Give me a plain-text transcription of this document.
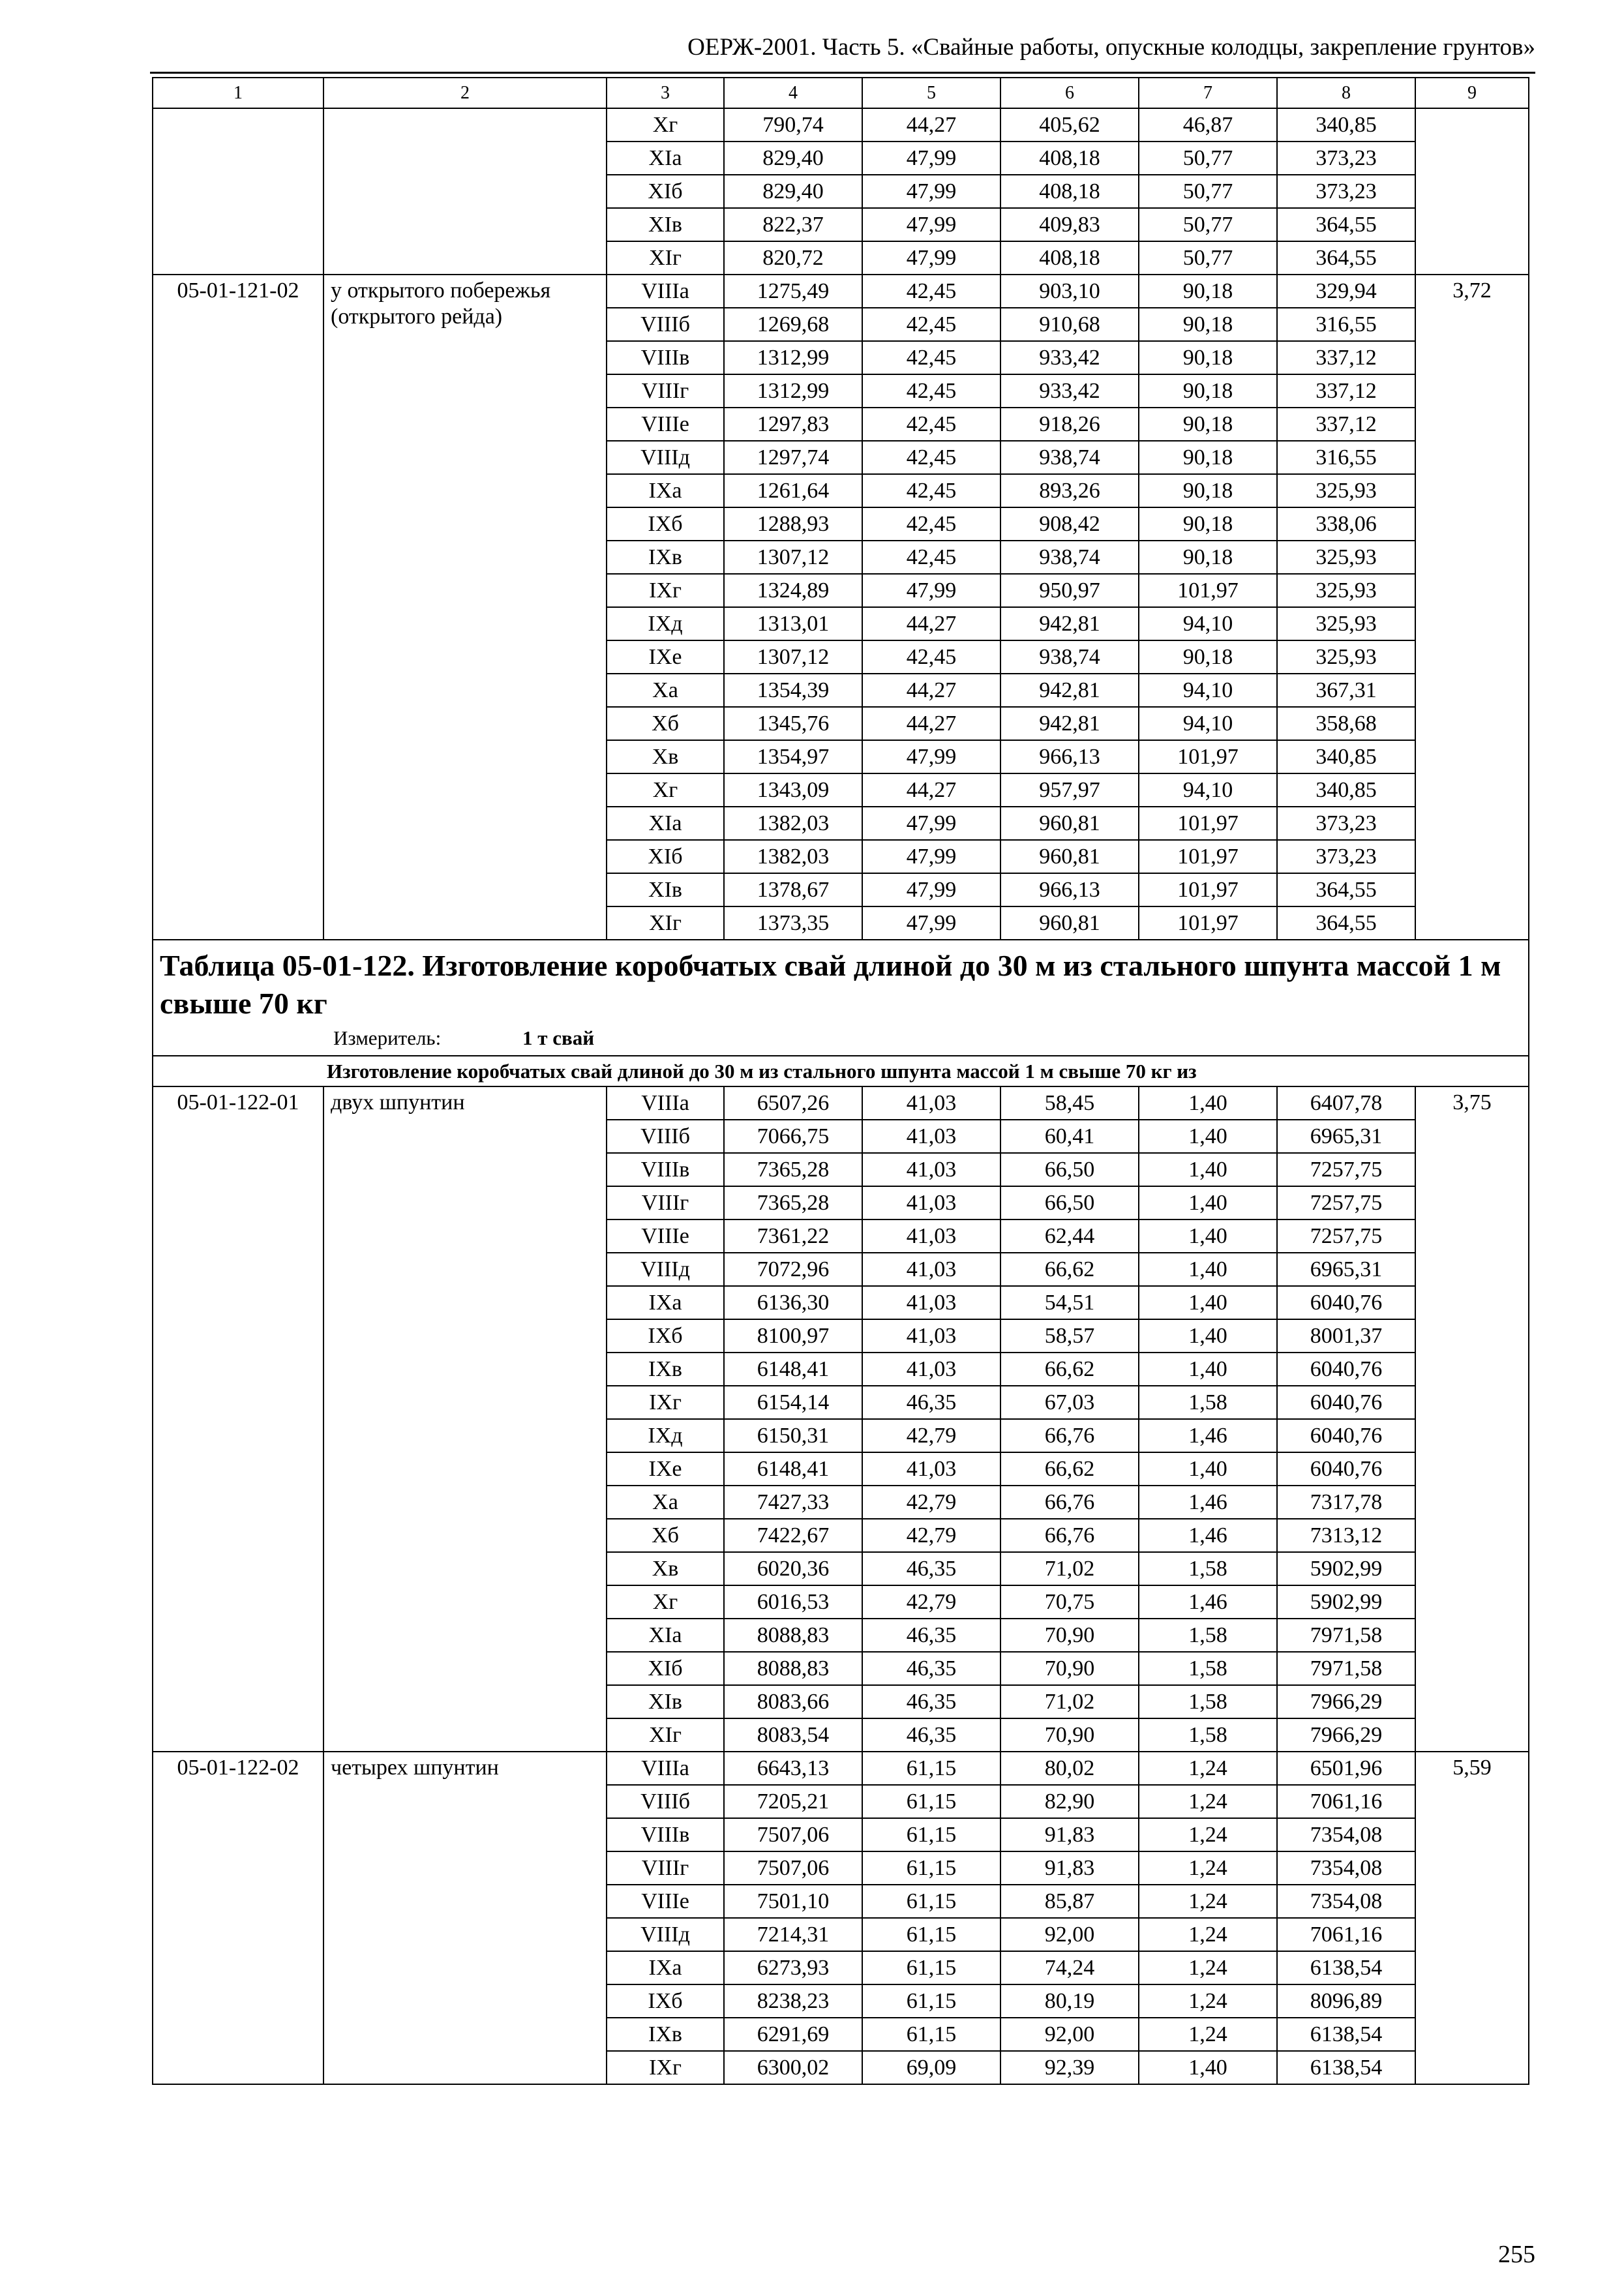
ОЕРЖ-2001. Часть 5. «Свайные работы, опускные колодцы, закрепление грунтов»
1	2	3	4	5	6	7	8	9
		Xг	790,74	44,27	405,62	46,87	340,85	
		XIа	829,40	47,99	408,18	50,77	373,23	
		XIб	829,40	47,99	408,18	50,77	373,23	
		XIв	822,37	47,99	409,83	50,77	364,55	
		XIг	820,72	47,99	408,18	50,77	364,55	
05-01-121-02	у открытого побережья (открытого рейда)	VIIIа	1275,49	42,45	903,10	90,18	329,94	3,72
		VIIIб	1269,68	42,45	910,68	90,18	316,55	
		VIIIв	1312,99	42,45	933,42	90,18	337,12	
		VIIIг	1312,99	42,45	933,42	90,18	337,12	
		VIIIе	1297,83	42,45	918,26	90,18	337,12	
		VIIIд	1297,74	42,45	938,74	90,18	316,55	
		IXа	1261,64	42,45	893,26	90,18	325,93	
		IXб	1288,93	42,45	908,42	90,18	338,06	
		IXв	1307,12	42,45	938,74	90,18	325,93	
		IXг	1324,89	47,99	950,97	101,97	325,93	
		IXд	1313,01	44,27	942,81	94,10	325,93	
		IXе	1307,12	42,45	938,74	90,18	325,93	
		Xа	1354,39	44,27	942,81	94,10	367,31	
		Xб	1345,76	44,27	942,81	94,10	358,68	
		Xв	1354,97	47,99	966,13	101,97	340,85	
		Xг	1343,09	44,27	957,97	94,10	340,85	
		XIа	1382,03	47,99	960,81	101,97	373,23	
		XIб	1382,03	47,99	960,81	101,97	373,23	
		XIв	1378,67	47,99	966,13	101,97	364,55	
		XIг	1373,35	47,99	960,81	101,97	364,55	

Таблица 05-01-122. Изготовление коробчатых свай длиной до 30 м из стального шпунта массой 1 м свыше 70 кг
Измеритель: 1 т свай								

Изготовление коробчатых свай длиной до 30 м из стального шпунта массой 1 м свыше 70 кг из								
05-01-122-01	двух шпунтин	VIIIа	6507,26	41,03	58,45	1,40	6407,78	3,75
		VIIIб	7066,75	41,03	60,41	1,40	6965,31	
		VIIIв	7365,28	41,03	66,50	1,40	7257,75	
		VIIIг	7365,28	41,03	66,50	1,40	7257,75	
		VIIIе	7361,22	41,03	62,44	1,40	7257,75	
		VIIIд	7072,96	41,03	66,62	1,40	6965,31	
		IXа	6136,30	41,03	54,51	1,40	6040,76	
		IXб	8100,97	41,03	58,57	1,40	8001,37	
		IXв	6148,41	41,03	66,62	1,40	6040,76	
		IXг	6154,14	46,35	67,03	1,58	6040,76	
		IXд	6150,31	42,79	66,76	1,46	6040,76	
		IXе	6148,41	41,03	66,62	1,40	6040,76	
		Xа	7427,33	42,79	66,76	1,46	7317,78	
		Xб	7422,67	42,79	66,76	1,46	7313,12	
		Xв	6020,36	46,35	71,02	1,58	5902,99	
		Xг	6016,53	42,79	70,75	1,46	5902,99	
		XIа	8088,83	46,35	70,90	1,58	7971,58	
		XIб	8088,83	46,35	70,90	1,58	7971,58	
		XIв	8083,66	46,35	71,02	1,58	7966,29	
		XIг	8083,54	46,35	70,90	1,58	7966,29	
05-01-122-02	четырех шпунтин	VIIIа	6643,13	61,15	80,02	1,24	6501,96	5,59
		VIIIб	7205,21	61,15	82,90	1,24	7061,16	
		VIIIв	7507,06	61,15	91,83	1,24	7354,08	
		VIIIг	7507,06	61,15	91,83	1,24	7354,08	
		VIIIе	7501,10	61,15	85,87	1,24	7354,08	
		VIIIд	7214,31	61,15	92,00	1,24	7061,16	
		IXа	6273,93	61,15	74,24	1,24	6138,54	
		IXб	8238,23	61,15	80,19	1,24	8096,89	
		IXв	6291,69	61,15	92,00	1,24	6138,54	
		IXг	6300,02	69,09	92,39	1,40	6138,54	
255
